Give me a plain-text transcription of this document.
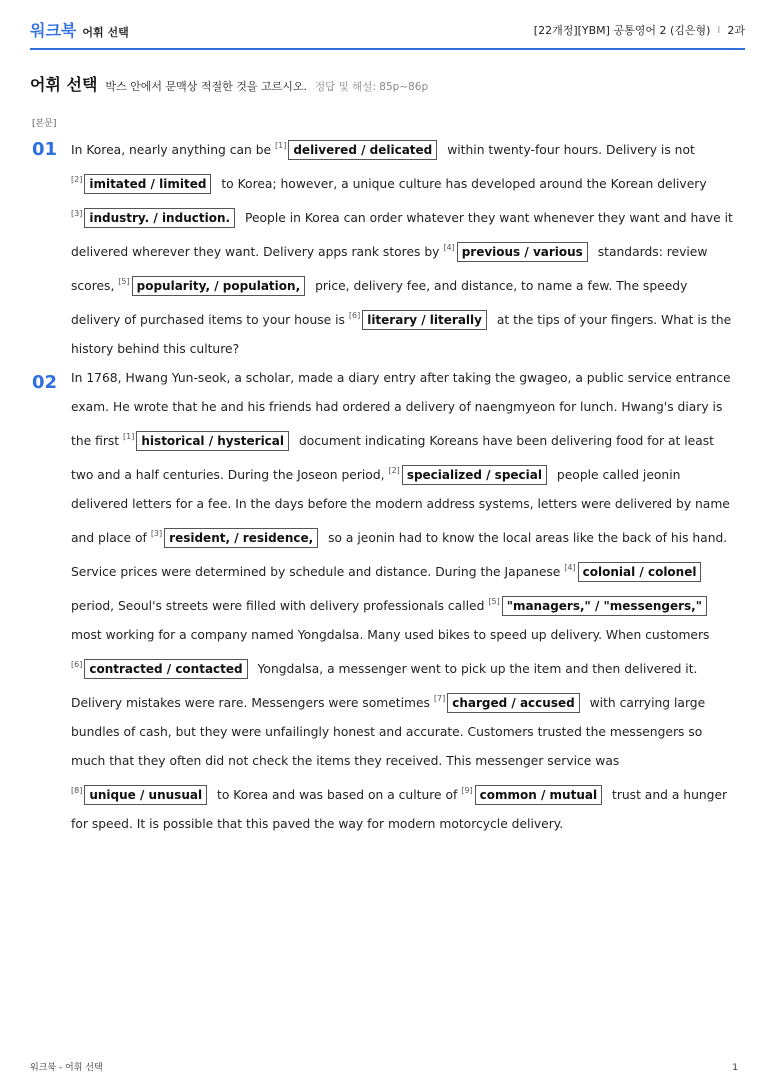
워크북 어휘 선택	[22개정][YBM] 공통영어 2 (김은형) I 2과
어휘 선택 박스 안에서 문맥상 적절한 것을 고르시오. 정답 및 해설: 85p~86p
[본문]
01	In Korea, nearly anything can be [1] delivered / delicated within twenty-four hours. Delivery is not [2] imitated / limited to Korea; however, a unique culture has developed around the Korean delivery [3] industry. / induction. People in Korea can order whatever they want whenever they want and have it delivered wherever they want. Delivery apps rank stores by [4] previous / various standards: review scores, [5] popularity, / population, price, delivery fee, and distance, to name a few. The speedy delivery of purchased items to your house is [6] literary / literally at the tips of your fingers. What is the history behind this culture?
02	In 1768, Hwang Yun-seok, a scholar, made a diary entry after taking the gwageo, a public service entrance exam. He wrote that he and his friends had ordered a delivery of naengmyeon for lunch. Hwang's diary is the first [1] historical / hysterical document indicating Koreans have been delivering food for at least two and a half centuries. During the Joseon period, [2] specialized / special people called jeonin delivered letters for a fee. In the days before the modern address systems, letters were delivered by name and place of [3] resident, / residence, so a jeonin had to know the local areas like the back of his hand. Service prices were determined by schedule and distance. During the Japanese [4] colonial / colonel period, Seoul's streets were filled with delivery professionals called [5] "managers," / "messengers," most working for a company named Yongdalsa. Many used bikes to speed up delivery. When customers [6] contracted / contacted Yongdalsa, a messenger went to pick up the item and then delivered it. Delivery mistakes were rare. Messengers were sometimes [7] charged / accused with carrying large bundles of cash, but they were unfailingly honest and accurate. Customers trusted the messengers so much that they often did not check the items they received. This messenger service was [8] unique / unusual to Korea and was based on a culture of [9] common / mutual trust and a hunger for speed. It is possible that this paved the way for modern motorcycle delivery.
워크북 - 어휘 선택	1
